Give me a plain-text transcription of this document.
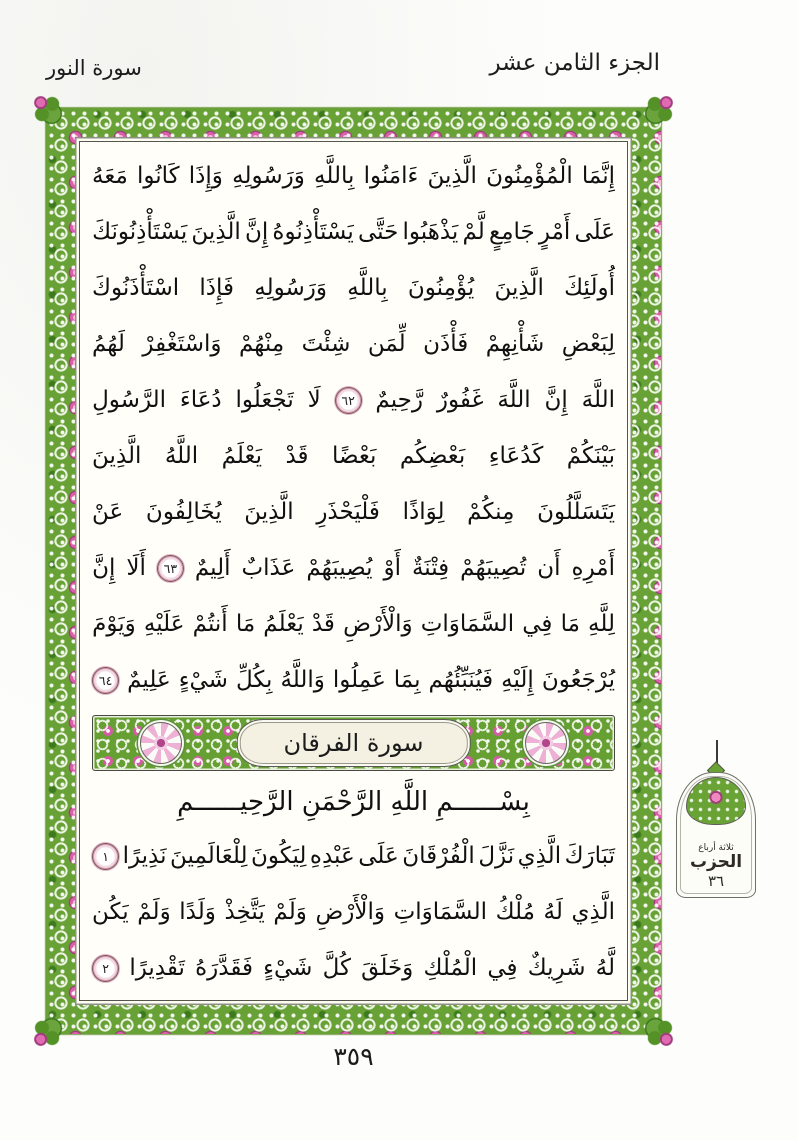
الجزء الثامن عشر
سورة النور
إِنَّمَا
الْمُؤْمِنُونَ
الَّذِينَ
ءَامَنُوا
بِاللَّهِ
وَرَسُولِهِ
وَإِذَا
كَانُوا
مَعَهُ
عَلَى
أَمْرٍ
جَامِعٍ
لَّمْ
يَذْهَبُوا
حَتَّى
يَسْتَأْذِنُوهُ
إِنَّ
الَّذِينَ
يَسْتَأْذِنُونَكَ
أُولَئِكَ
الَّذِينَ
يُؤْمِنُونَ
بِاللَّهِ
وَرَسُولِهِ
فَإِذَا
اسْتَأْذَنُوكَ
لِبَعْضِ
شَأْنِهِمْ
فَأْذَن
لِّمَن
شِئْتَ
مِنْهُمْ
وَاسْتَغْفِرْ
لَهُمُ
اللَّهَ
إِنَّ
اللَّهَ
غَفُورٌ
رَّحِيمٌ
٦٢
لَا
تَجْعَلُوا
دُعَاءَ
الرَّسُولِ
بَيْنَكُمْ
كَدُعَاءِ
بَعْضِكُم
بَعْضًا
قَدْ
يَعْلَمُ
اللَّهُ
الَّذِينَ
يَتَسَلَّلُونَ
مِنكُمْ
لِوَاذًا
فَلْيَحْذَرِ
الَّذِينَ
يُخَالِفُونَ
عَنْ
أَمْرِهِ
أَن
تُصِيبَهُمْ
فِتْنَةٌ
أَوْ
يُصِيبَهُمْ
عَذَابٌ
أَلِيمٌ
٦٣
أَلَا
إِنَّ
لِلَّهِ
مَا
فِي
السَّمَاوَاتِ
وَالْأَرْضِ
قَدْ
يَعْلَمُ
مَا
أَنتُمْ
عَلَيْهِ
وَيَوْمَ
يُرْجَعُونَ
إِلَيْهِ
فَيُنَبِّئُهُم
بِمَا
عَمِلُوا
وَاللَّهُ
بِكُلِّ
شَيْءٍ
عَلِيمٌ
٦٤
سورة الفرقان
بِسْــــــمِ اللَّهِ الرَّحْمَنِ الرَّحِيــــــمِ
تَبَارَكَ
الَّذِي
نَزَّلَ
الْفُرْقَانَ
عَلَى
عَبْدِهِ
لِيَكُونَ
لِلْعَالَمِينَ
نَذِيرًا
١
الَّذِي
لَهُ
مُلْكُ
السَّمَاوَاتِ
وَالْأَرْضِ
وَلَمْ
يَتَّخِذْ
وَلَدًا
وَلَمْ
يَكُن
لَّهُ
شَرِيكٌ
فِي
الْمُلْكِ
وَخَلَقَ
كُلَّ
شَيْءٍ
فَقَدَّرَهُ
تَقْدِيرًا
٢
ثلاثة أرباع
الحزب
٣٦
٣٥٩
